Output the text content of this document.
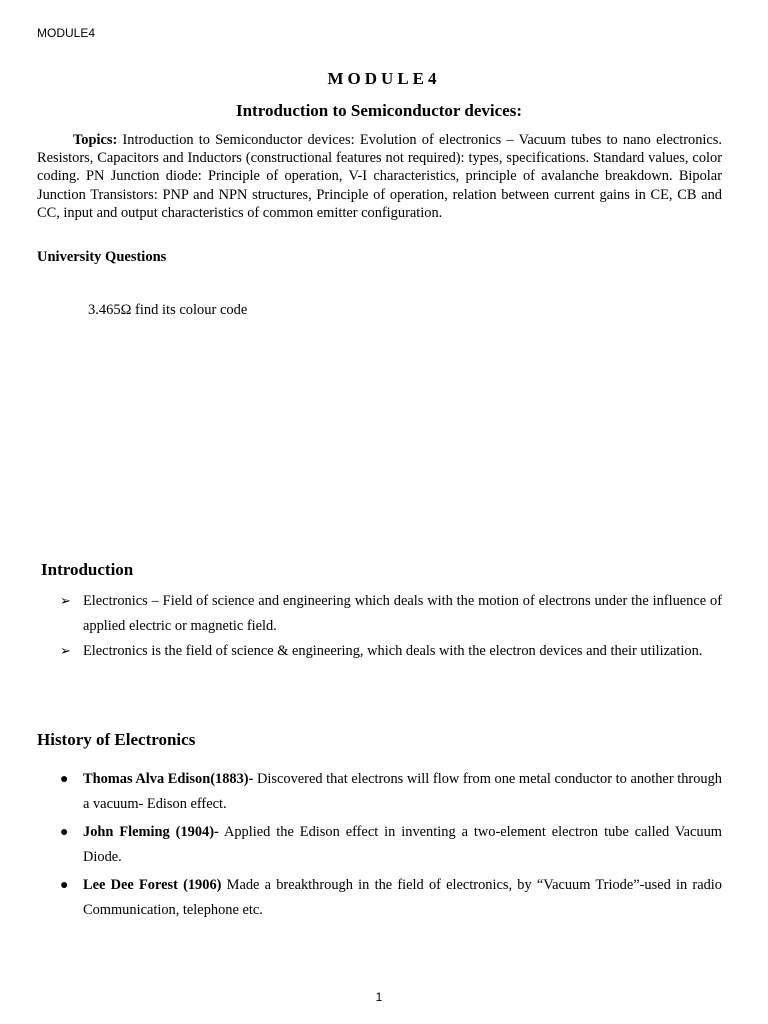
MODULE4
MODULE4
Introduction to Semiconductor devices:

Topics: Introduction to Semiconductor devices: Evolution of electronics – Vacuum tubes to nano electronics. Resistors, Capacitors and Inductors (constructional features not required): types, specifications. Standard values, color coding. PN Junction diode: Principle of operation, V-I characteristics, principle of avalanche breakdown. Bipolar Junction Transistors: PNP and NPN structures, Principle of operation, relation between current gains in CE, CB and CC, input and output characteristics of common emitter configuration.

University Questions
3.465Ω find its colour code
Introduction
➢ Electronics – Field of science and engineering which deals with the motion of electrons under the influence of applied electric or magnetic field.
➢ Electronics is the field of science & engineering, which deals with the electron devices and their utilization.
History of Electronics
● Thomas Alva Edison(1883)- Discovered that electrons will flow from one metal conductor to another through a vacuum- Edison effect.
● John Fleming (1904)- Applied the Edison effect in inventing a two-element electron tube called Vacuum Diode.
● Lee Dee Forest (1906) Made a breakthrough in the field of electronics, by “Vacuum Triode”-used in radio Communication, telephone etc.
1
